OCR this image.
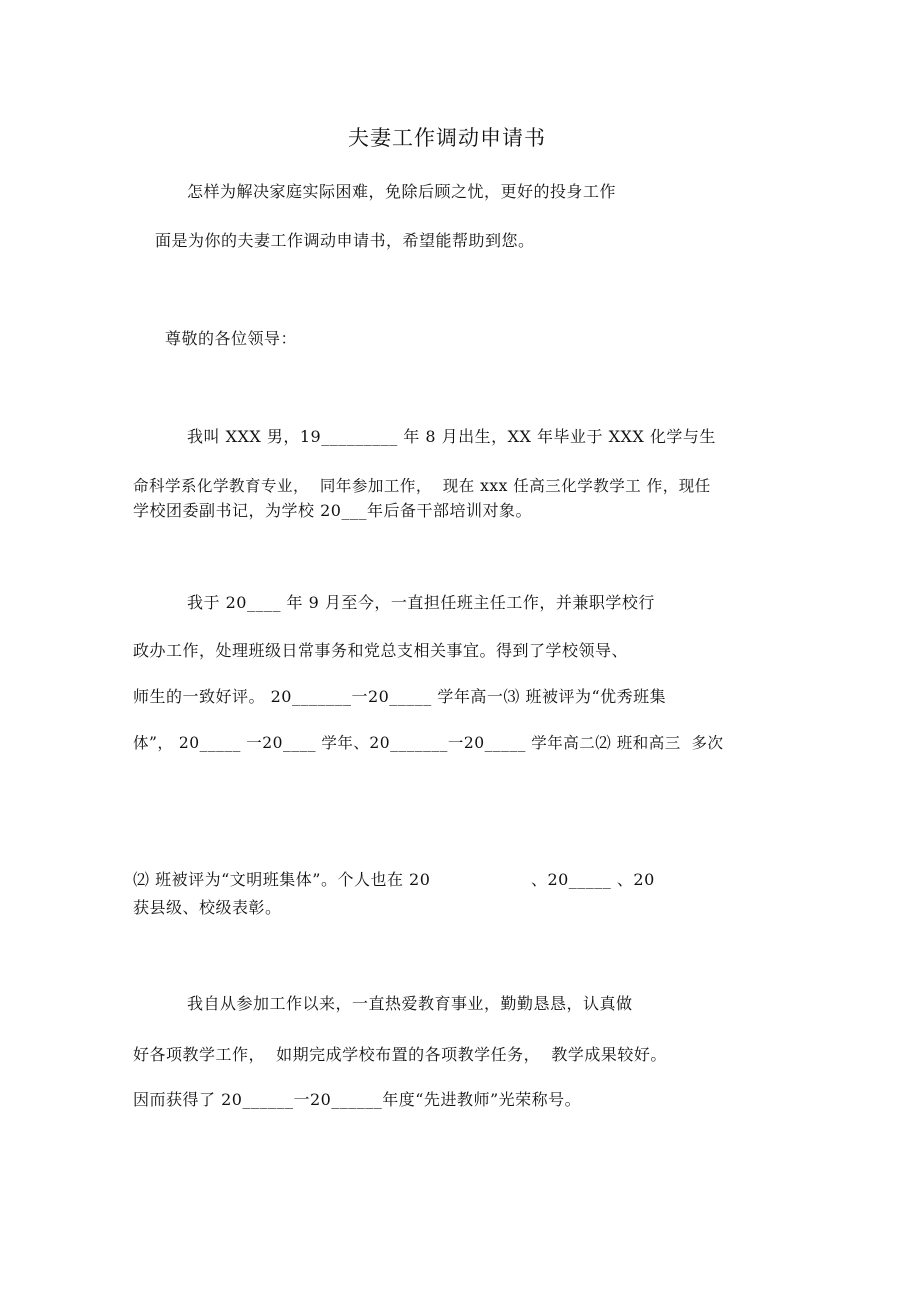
夫妻工作调动申请书
怎样为解决家庭实际困难，免除后顾之忧，更好的投身工作
面是为你的夫妻工作调动申请书，希望能帮助到您。
尊敬的各位领导：
我叫 XXX 男，19_________ 年 8 月出生，XX 年毕业于 XXX 化学与生
命科学系化学教育专业，  同年参加工作，  现在 xxx 任高三化学教学工 作，现任
学校团委副书记，为学校 20___年后备干部培训对象。
我于 20____ 年 9 月至今，一直担任班主任工作，并兼职学校行
政办工作，处理班级日常事务和党总支相关事宜。得到了学校领导、
师生的一致好评。 20_______一20_____ 学年高一⑶ 班被评为“优秀班集
体”， 20_____ 一20____ 学年、20_______一20_____ 学年高二⑵ 班和高三  多次
⑵ 班被评为“文明班集体”。个人也在 20                  、20_____ 、20
获县级、校级表彰。
我自从参加工作以来，一直热爱教育事业，勤勤恳恳，认真做
好各项教学工作，  如期完成学校布置的各项教学任务，  教学成果较好。
因而获得了 20______一20______年度“先进教师”光荣称号。
